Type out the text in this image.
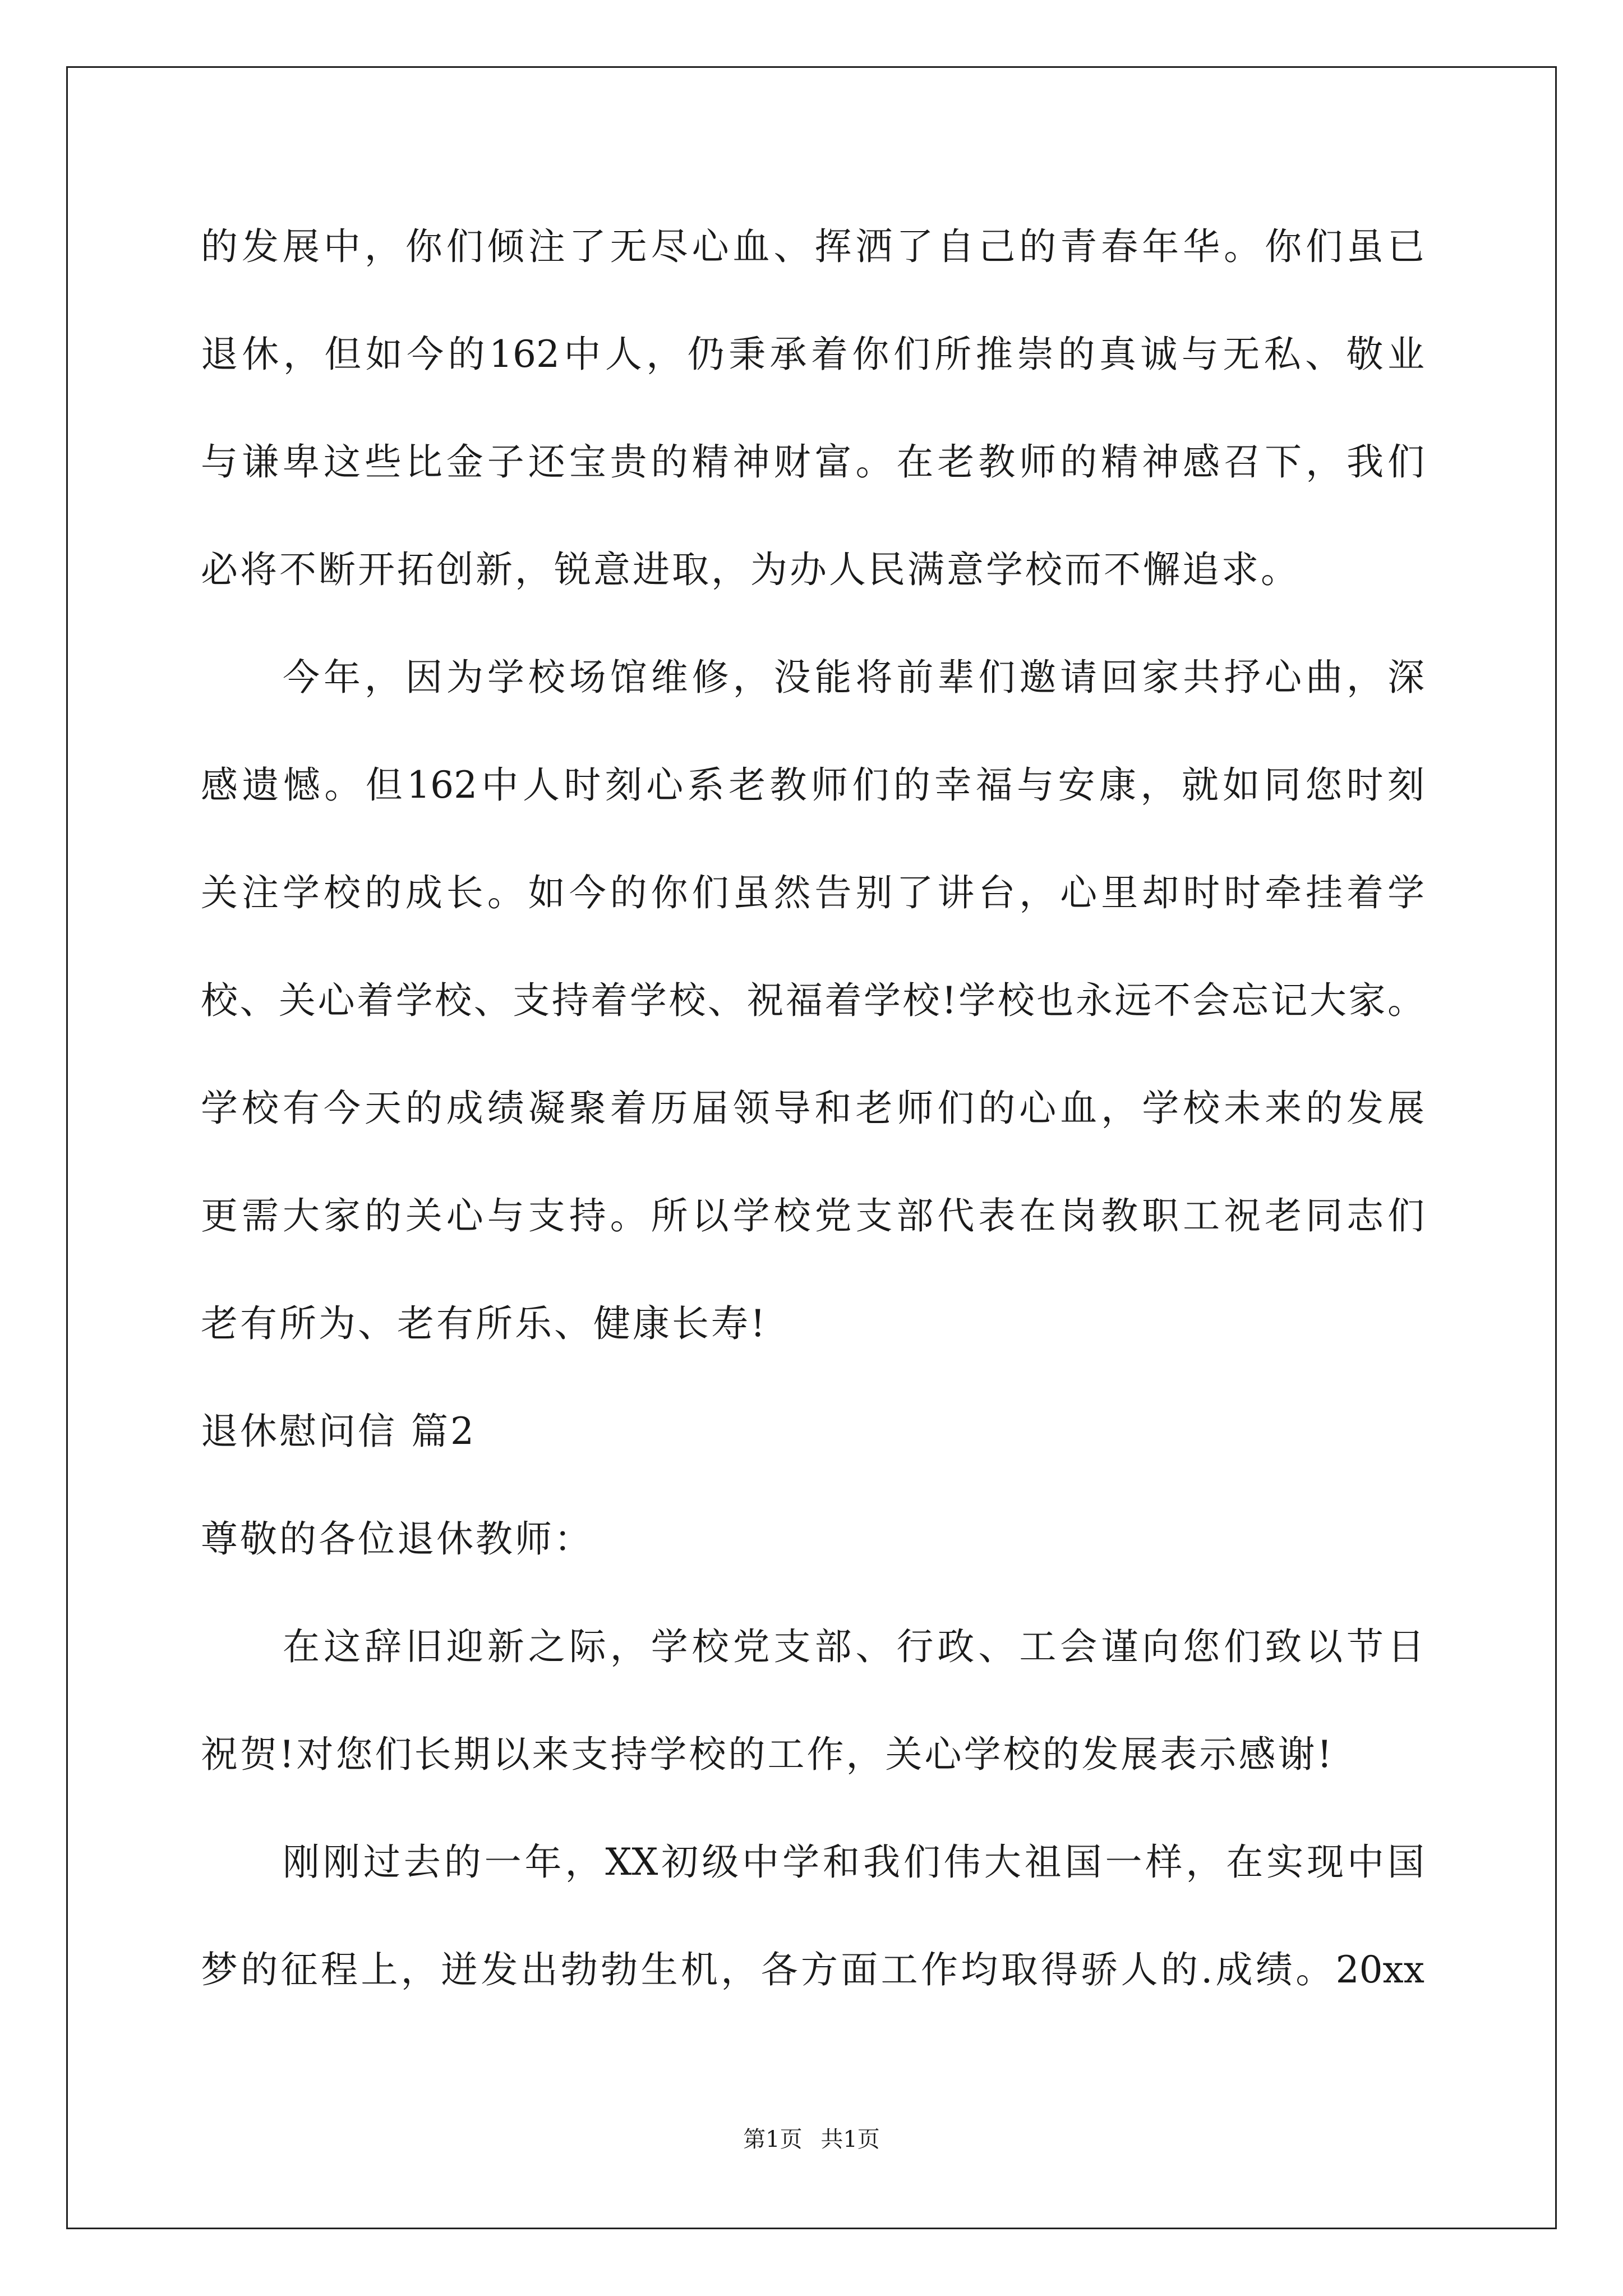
的发展中，你们倾注了无尽心血、挥洒了自己的青春年华。你们虽已
退休，但如今的162中人，仍秉承着你们所推崇的真诚与无私、敬业
与谦卑这些比金子还宝贵的精神财富。在老教师的精神感召下，我们
必将不断开拓创新，锐意进取，为办人民满意学校而不懈追求。
今年，因为学校场馆维修，没能将前辈们邀请回家共抒心曲，深
感遗憾。但162中人时刻心系老教师们的幸福与安康，就如同您时刻
关注学校的成长。如今的你们虽然告别了讲台，心里却时时牵挂着学
校、关心着学校、支持着学校、祝福着学校!学校也永远不会忘记大家。
学校有今天的成绩凝聚着历届领导和老师们的心血，学校未来的发展
更需大家的关心与支持。所以学校党支部代表在岗教职工祝老同志们
老有所为、老有所乐、健康长寿!
退休慰问信 篇2
尊敬的各位退休教师：
在这辞旧迎新之际，学校党支部、行政、工会谨向您们致以节日
祝贺!对您们长期以来支持学校的工作，关心学校的发展表示感谢!
刚刚过去的一年，XX初级中学和我们伟大祖国一样，在实现中国
梦的征程上，迸发出勃勃生机，各方面工作均取得骄人的.成绩。20xx
第1页 共1页
